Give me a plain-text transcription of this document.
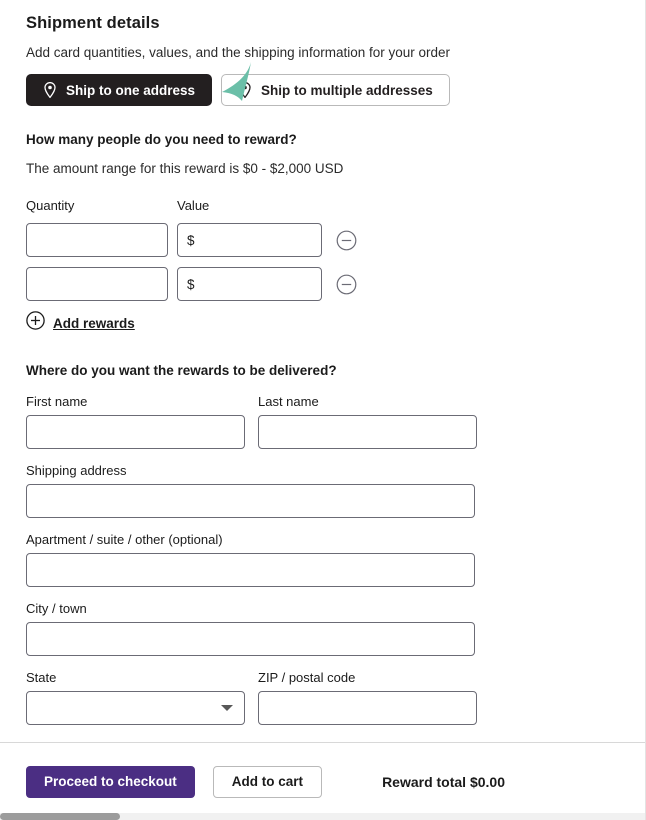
Shipment details

Add card quantities, values, and the shipping information for your order

Ship to one address	Ship to multiple addresses
How many people do you need to reward?

The amount range for this reward is $0 - $2,000 USD

Quantity	Value
$
$
Add rewards
Where do you want the rewards to be delivered?
First name	Last name
Shipping address
Apartment / suite / other (optional)
City / town
State	ZIP / postal code
Proceed to checkout	Add to cart	Reward total $0.00
